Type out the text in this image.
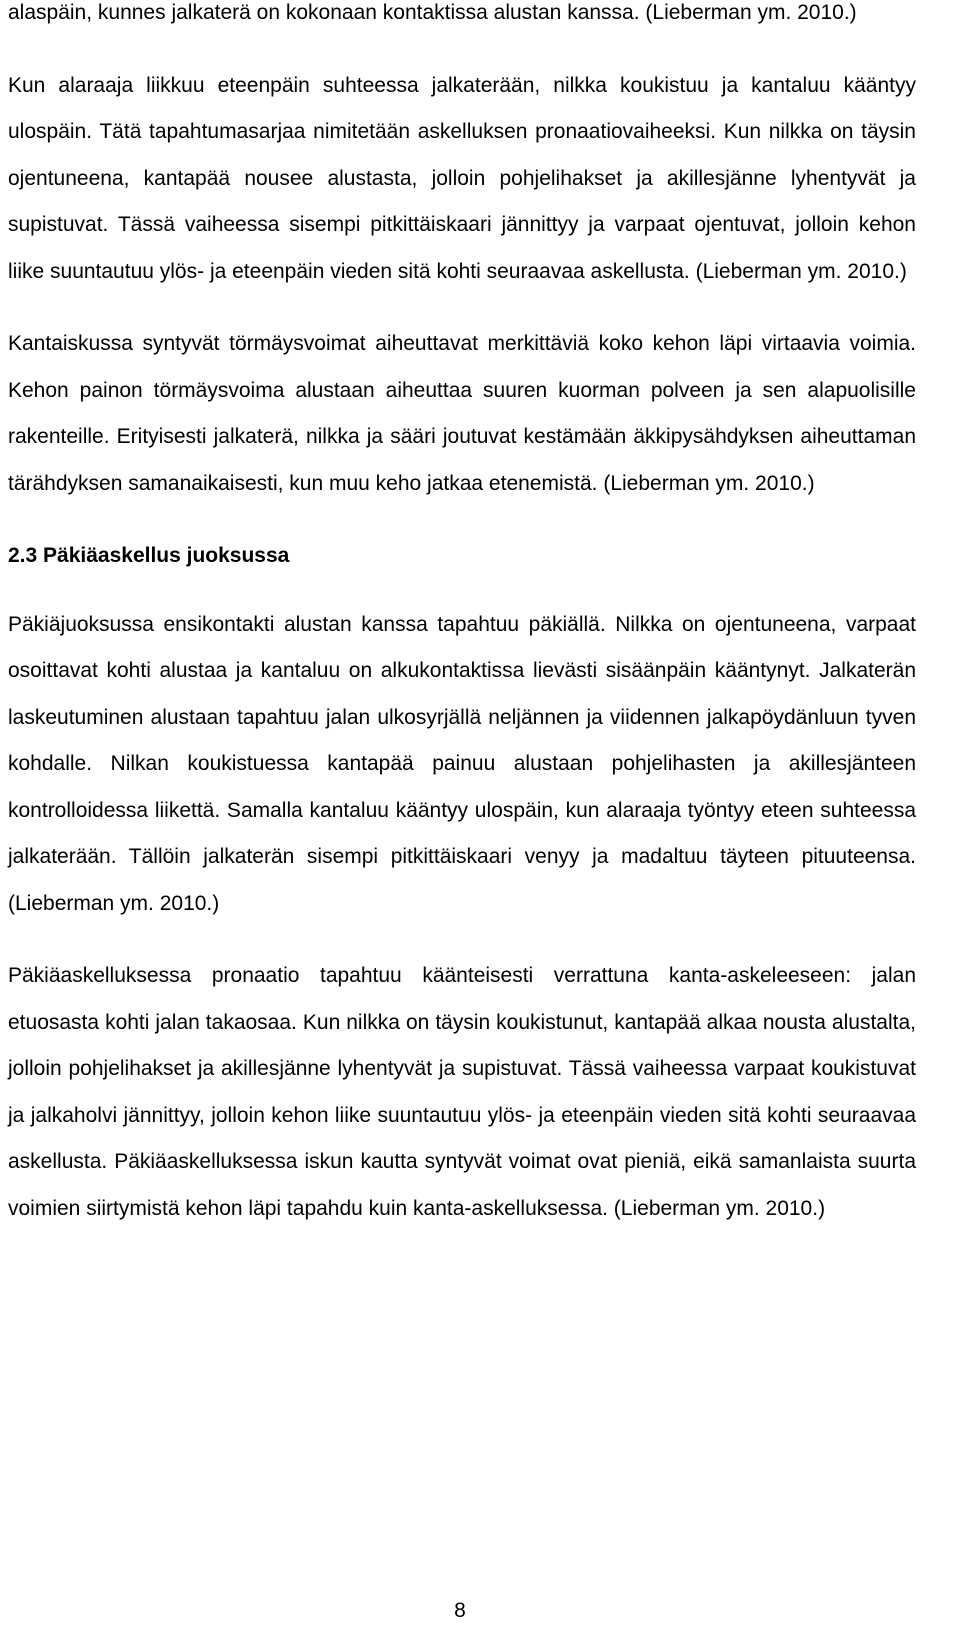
alaspäin, kunnes jalkaterä on kokonaan kontaktissa alustan kanssa. (Lieberman ym. 2010.)

Kun alaraaja liikkuu eteenpäin suhteessa jalkaterään, nilkka koukistuu ja kantaluu kääntyy ulospäin. Tätä tapahtumasarjaa nimitetään askelluksen pronaatiovaiheeksi. Kun nilkka on täysin ojentuneena, kantapää nousee alustasta, jolloin pohjelihakset ja akillesjänne lyhentyvät ja supistuvat. Tässä vaiheessa sisempi pitkittäiskaari jännittyy ja varpaat ojentuvat, jolloin kehon liike suuntautuu ylös- ja eteenpäin vieden sitä kohti seuraavaa askellusta. (Lieberman ym. 2010.)

Kantaiskussa syntyvät törmäysvoimat aiheuttavat merkittäviä koko kehon läpi virtaavia voimia. Kehon painon törmäysvoima alustaan aiheuttaa suuren kuorman polveen ja sen alapuolisille rakenteille. Erityisesti jalkaterä, nilkka ja sääri joutuvat kestämään äkkipysähdyksen aiheuttaman tärähdyksen samanaikaisesti, kun muu keho jatkaa etenemistä. (Lieberman ym. 2010.)

2.3 Päkiäaskellus juoksussa

Päkiäjuoksussa ensikontakti alustan kanssa tapahtuu päkiällä. Nilkka on ojentuneena, varpaat osoittavat kohti alustaa ja kantaluu on alkukontaktissa lievästi sisäänpäin kääntynyt. Jalkaterän laskeutuminen alustaan tapahtuu jalan ulkosyrjällä neljännen ja viidennen jalkapöydänluun tyven kohdalle. Nilkan koukistuessa kantapää painuu alustaan pohjelihasten ja akillesjänteen kontrolloidessa liikettä. Samalla kantaluu kääntyy ulospäin, kun alaraaja työntyy eteen suhteessa jalkaterään. Tällöin jalkaterän sisempi pitkittäiskaari venyy ja madaltuu täyteen pituuteensa. (Lieberman ym. 2010.)

Päkiäaskelluksessa pronaatio tapahtuu käänteisesti verrattuna kanta-askeleeseen: jalan etuosasta kohti jalan takaosaa. Kun nilkka on täysin koukistunut, kantapää alkaa nousta alustalta, jolloin pohjelihakset ja akillesjänne lyhentyvät ja supistuvat. Tässä vaiheessa varpaat koukistuvat ja jalkaholvi jännittyy, jolloin kehon liike suuntautuu ylös- ja eteenpäin vieden sitä kohti seuraavaa askellusta. Päkiäaskelluksessa iskun kautta syntyvät voimat ovat pieniä, eikä samanlaista suurta voimien siirtymistä kehon läpi tapahdu kuin kanta-askelluksessa. (Lieberman ym. 2010.)

8
